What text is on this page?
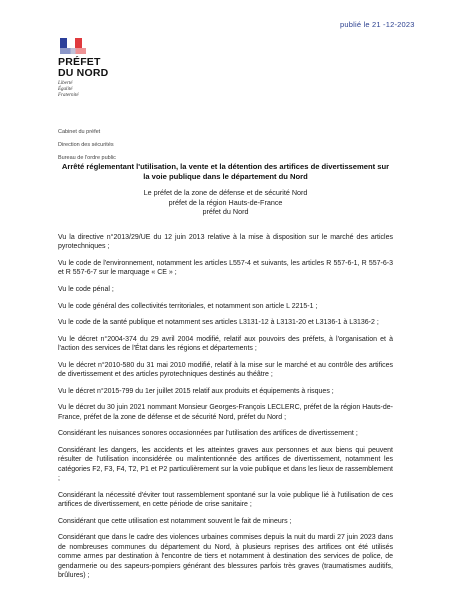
publié le 21 -12-2023
PRÉFET
DU NORD
Liberté
Égalité
Fraternité
Cabinet du préfet
Direction des sécurités
Bureau de l'ordre public
Arrêté réglementant l'utilisation, la vente et la détention des artifices de divertissement sur la voie publique dans le département du Nord
Le préfet de la zone de défense et de sécurité Nord
préfet de la région Hauts-de-France
préfet du Nord

Vu la directive n°2013/29/UE du 12 juin 2013 relative à la mise à disposition sur le marché des articles pyrotechniques ;

Vu le code de l'environnement, notamment les articles L557-4 et suivants, les articles R 557-6-1, R 557-6-3 et R 557-6-7 sur le marquage « CE » ;

Vu le code pénal ;

Vu le code général des collectivités territoriales, et notamment son article L 2215-1 ;

Vu le code de la santé publique et notamment ses articles L3131-12 à L3131-20 et L3136-1 à L3136-2 ;

Vu le décret n°2004-374 du 29 avril 2004 modifié, relatif aux pouvoirs des préfets, à l'organisation et à l'action des services de l'État dans les régions et départements ;

Vu le décret n°2010-580 du 31 mai 2010 modifié, relatif à la mise sur le marché et au contrôle des artifices de divertissement et des articles pyrotechniques destinés au théâtre ;

Vu le décret n°2015-799 du 1er juillet 2015 relatif aux produits et équipements à risques ;

Vu le décret du 30 juin 2021 nommant Monsieur Georges-François LECLERC, préfet de la région Hauts-de-France, préfet de la zone de défense et de sécurité Nord, préfet du Nord ;

Considérant les nuisances sonores occasionnées par l'utilisation des artifices de divertissement ;

Considérant les dangers, les accidents et les atteintes graves aux personnes et aux biens qui peuvent résulter de l'utilisation inconsidérée ou malintentionnée des artifices de divertissement, notamment les catégories F2, F3, F4, T2, P1 et P2 particulièrement sur la voie publique et dans les lieux de rassemblement ;

Considérant la nécessité d'éviter tout rassemblement spontané sur la voie publique lié à l'utilisation de ces artifices de divertissement, en cette période de crise sanitaire ;

Considérant que cette utilisation est notamment souvent le fait de mineurs ;

Considérant que dans le cadre des violences urbaines commises depuis la nuit du mardi 27 juin 2023 dans de nombreuses communes du département du Nord, à plusieurs reprises des artifices ont été utilisés comme armes par destination à l'encontre de tiers et notamment à destination des services de police, de gendarmerie ou des sapeurs-pompiers générant des blessures parfois très graves (traumatismes auditifs, brûlures) ;
